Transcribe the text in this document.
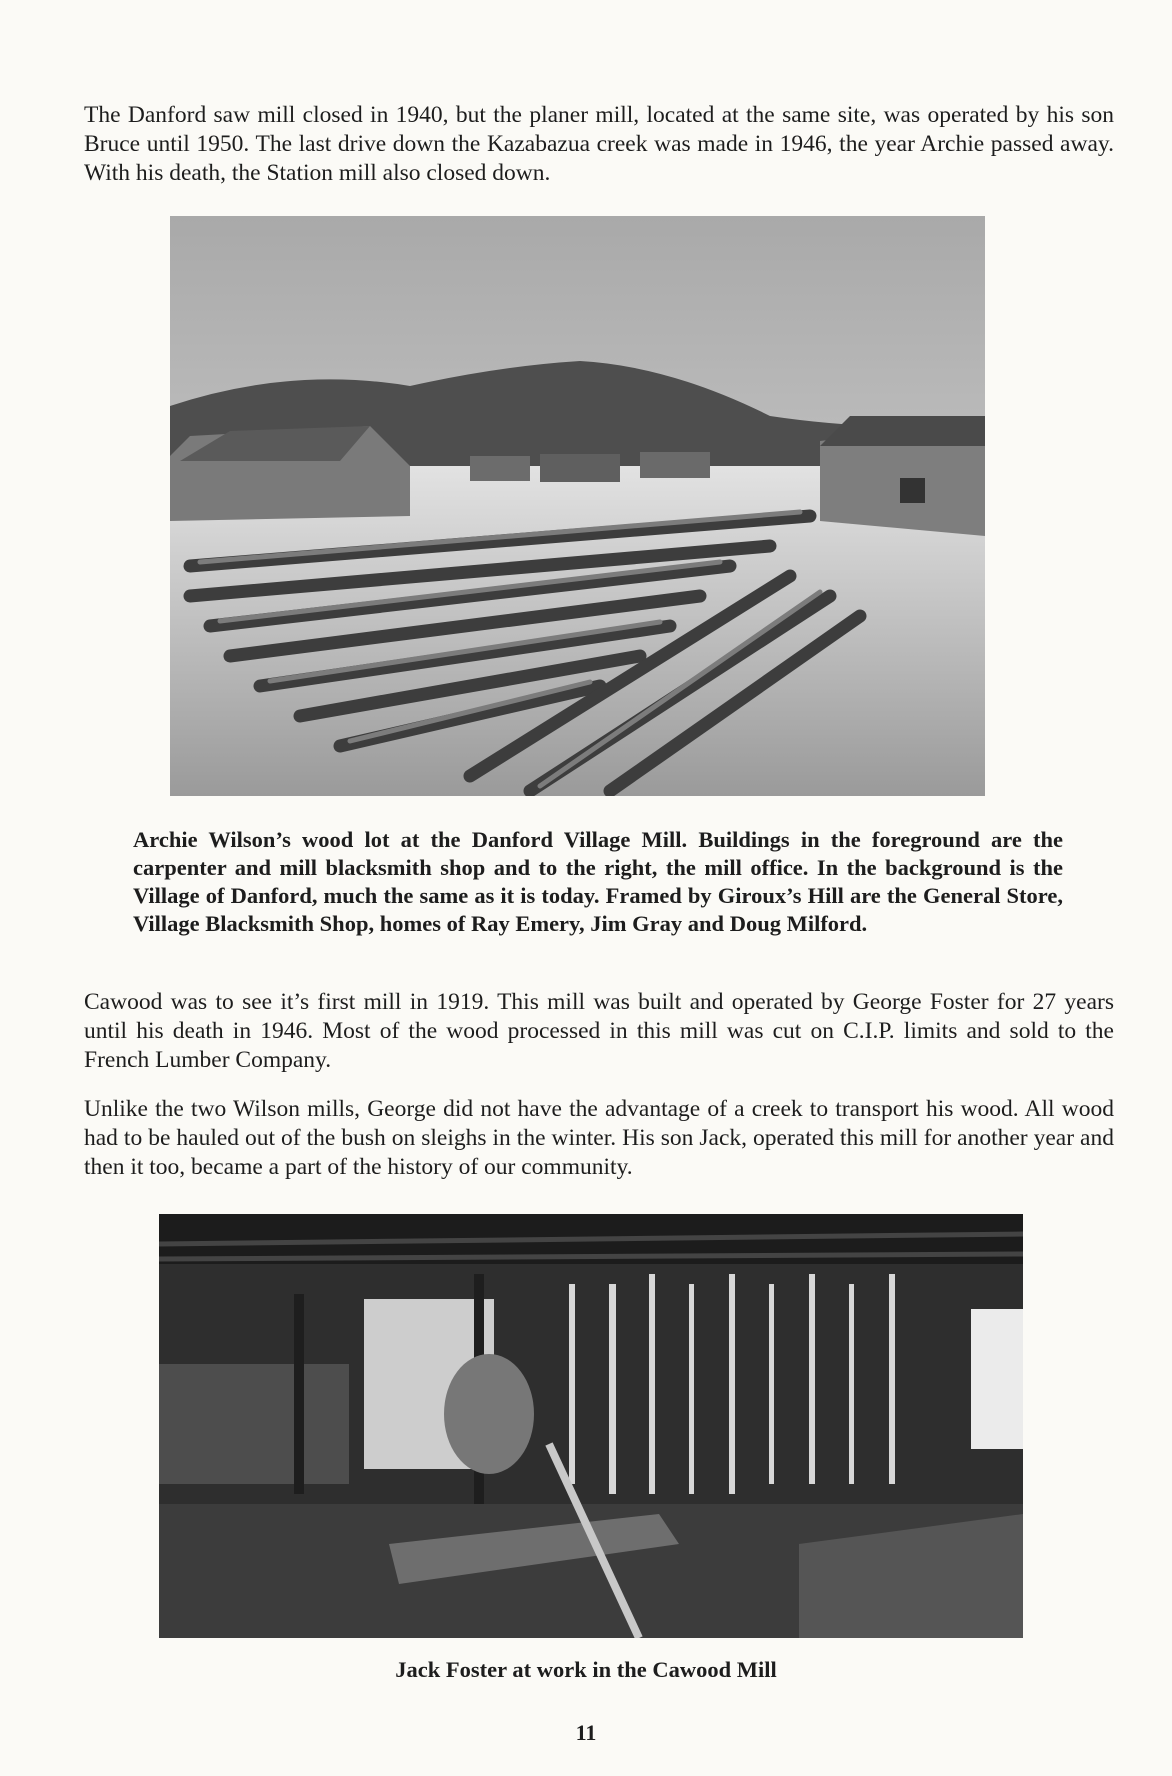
The Danford saw mill closed in 1940, but the planer mill, located at the same site, was operated by his son Bruce until 1950. The last drive down the Kazabazua creek was made in 1946, the year Archie passed away. With his death, the Station mill also closed down.

Archie Wilson’s wood lot at the Danford Village Mill. Buildings in the foreground are the carpenter and mill blacksmith shop and to the right, the mill office. In the background is the Village of Danford, much the same as it is today. Framed by Giroux’s Hill are the General Store, Village Blacksmith Shop, homes of Ray Emery, Jim Gray and Doug Milford.

Cawood was to see it’s first mill in 1919. This mill was built and operated by George Foster for 27 years until his death in 1946. Most of the wood processed in this mill was cut on C.I.P. limits and sold to the French Lumber Company.

Unlike the two Wilson mills, George did not have the advantage of a creek to transport his wood. All wood had to be hauled out of the bush on sleighs in the winter. His son Jack, operated this mill for another year and then it too, became a part of the history of our community.

Jack Foster at work in the Cawood Mill

11
